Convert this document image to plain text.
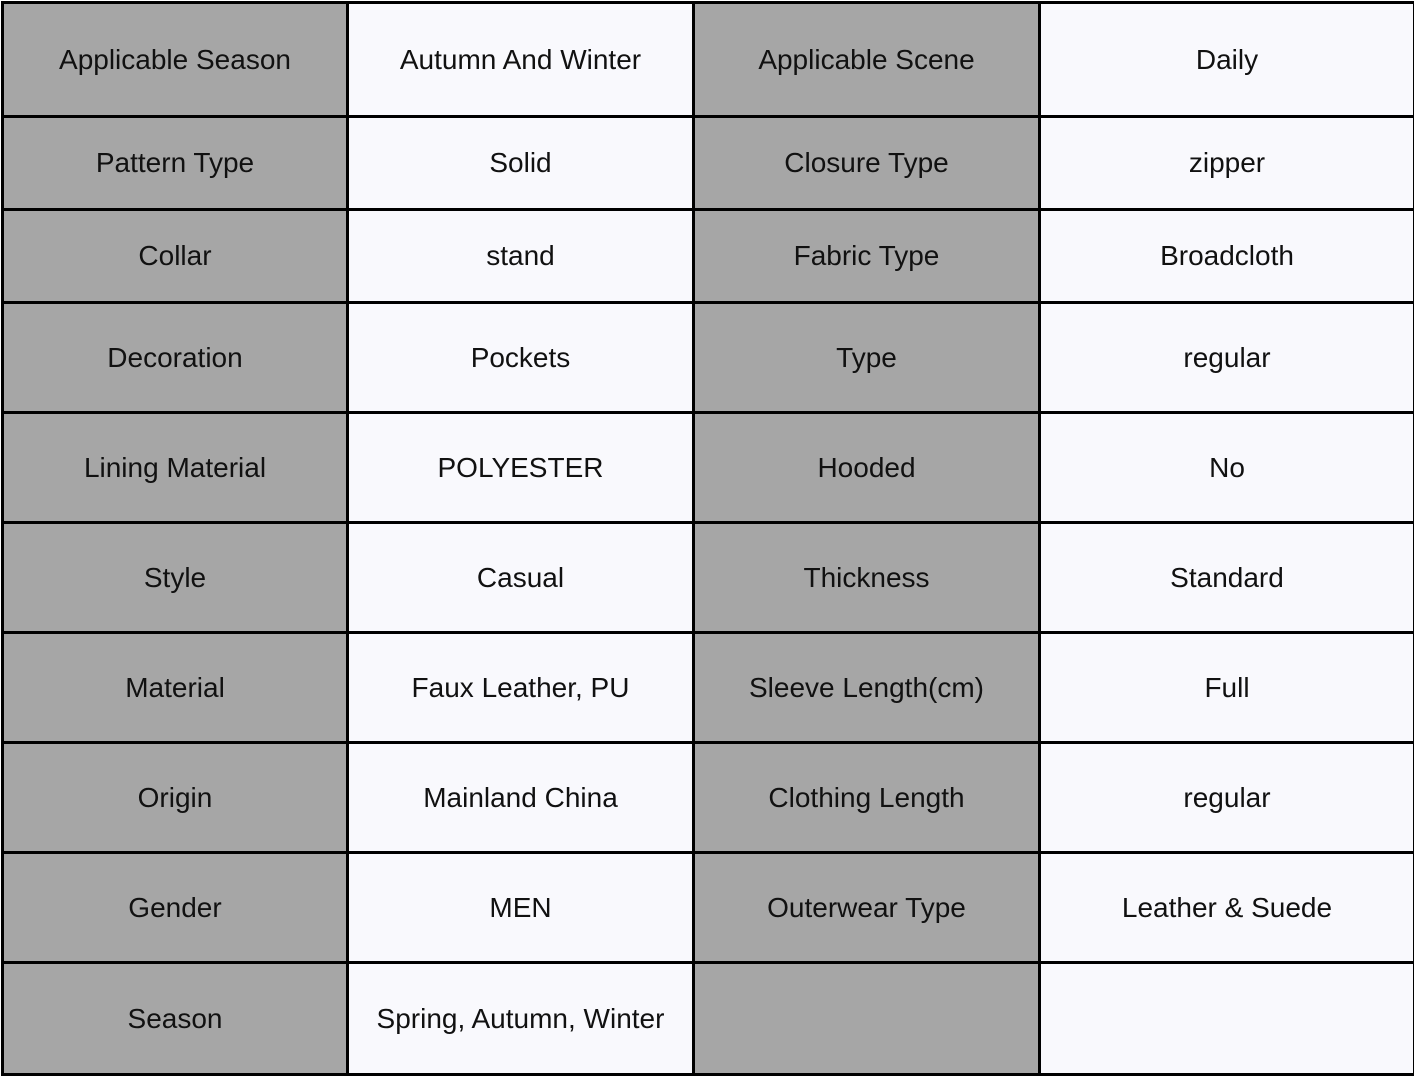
Applicable Season	Autumn And Winter	Applicable Scene	Daily
Pattern Type	Solid	Closure Type	zipper
Collar	stand	Fabric Type	Broadcloth
Decoration	Pockets	Type	regular
Lining Material	POLYESTER	Hooded	No
Style	Casual	Thickness	Standard
Material	Faux Leather, PU	Sleeve Length(cm)	Full
Origin	Mainland China	Clothing Length	regular
Gender	MEN	Outerwear Type	Leather & Suede
Season	Spring, Autumn, Winter		
